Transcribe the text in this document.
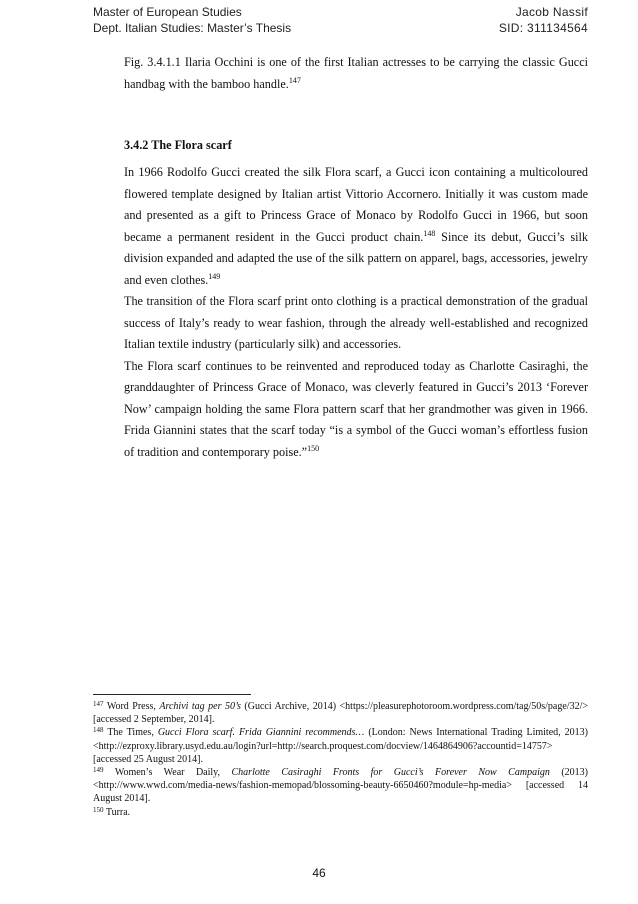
Master of European Studies	Jacob Nassif
Dept. Italian Studies: Master’s Thesis	SID: 311134564

Fig. 3.4.1.1 Ilaria Occhini is one of the first Italian actresses to be carrying the classic Gucci handbag with the bamboo handle.$^{147}$

3.4.2 The Flora scarf

In 1966 Rodolfo Gucci created the silk Flora scarf, a Gucci icon containing a multicoloured flowered template designed by Italian artist Vittorio Accornero. Initially it was custom made and presented as a gift to Princess Grace of Monaco by Rodolfo Gucci in 1966, but soon became a permanent resident in the Gucci product chain.$^{148}$ Since its debut, Gucci’s silk division expanded and adapted the use of the silk pattern on apparel, bags, accessories, jewelry and even clothes.$^{149}$

The transition of the Flora scarf print onto clothing is a practical demonstration of the gradual success of Italy’s ready to wear fashion, through the already well-established and recognized Italian textile industry (particularly silk) and accessories.

The Flora scarf continues to be reinvented and reproduced today as Charlotte Casiraghi, the granddaughter of Princess Grace of Monaco, was cleverly featured in Gucci’s 2013 ‘Forever Now’ campaign holding the same Flora pattern scarf that her grandmother was given in 1966. Frida Giannini states that the scarf today “is a symbol of the Gucci woman’s effortless fusion of tradition and contemporary poise.”$^{150}$

$^{147}$ Word Press, Archivi tag per 50’s (Gucci Archive, 2014) <https://pleasurephotoroom.wordpress.com/tag/50s/page/32/> [accessed 2 September, 2014].

$^{148}$ The Times, Gucci Flora scarf. Frida Giannini recommends… (London: News International Trading Limited, 2013) <http://ezproxy.library.usyd.edu.au/login?url=http://search.proquest.com/docview/1464864906?accountid=14757> [accessed 25 August 2014].

$^{149}$ Women’s Wear Daily, Charlotte Casiraghi Fronts for Gucci’s Forever Now Campaign (2013) <http://www.wwd.com/media-news/fashion-memopad/blossoming-beauty-6650460?module=hp-media> [accessed 14 August 2014].

$^{150}$ Turra.

46
